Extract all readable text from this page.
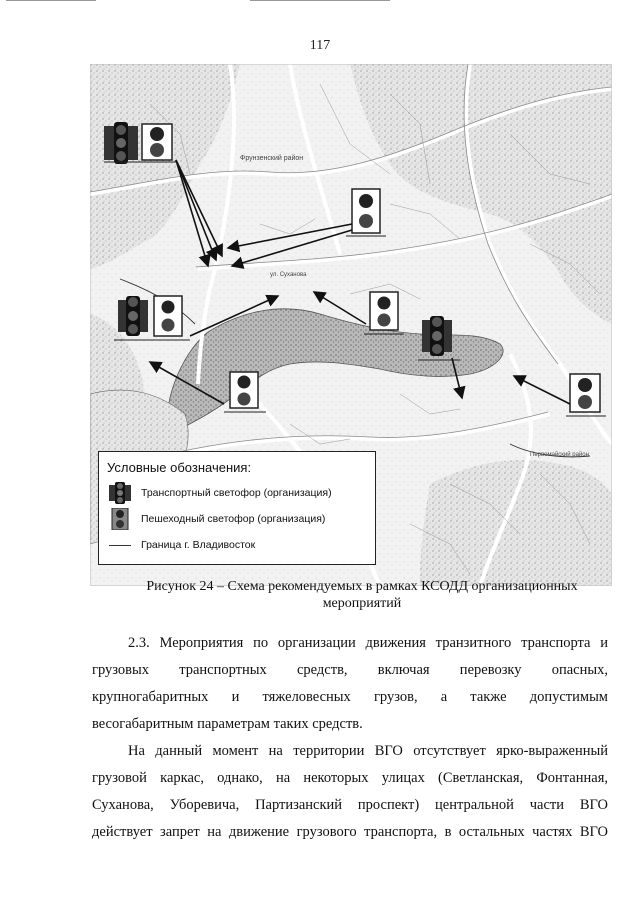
117
Фрунзенский район
ул. Суханова
Первомайский район
Условные обозначения:
Транспортный светофор (организация)
Пешеходный светофор (организация)
Граница г. Владивосток
Рисунок 24 – Схема рекомендуемых в рамках КСОДД организационных
мероприятий
2.3. Мероприятия по организации движения транзитного транспорта и
грузовых транспортных средств, включая перевозку опасных,
крупногабаритных и тяжеловесных грузов, а также допустимым
весогабаритным параметрам таких средств.
На данный момент на территории ВГО отсутствует ярко-выраженный
грузовой каркас, однако, на некоторых улицах (Светланская, Фонтанная,
Суханова, Уборевича, Партизанский проспект) центральной части ВГО
действует запрет на движение грузового транспорта, в остальных частях ВГО
